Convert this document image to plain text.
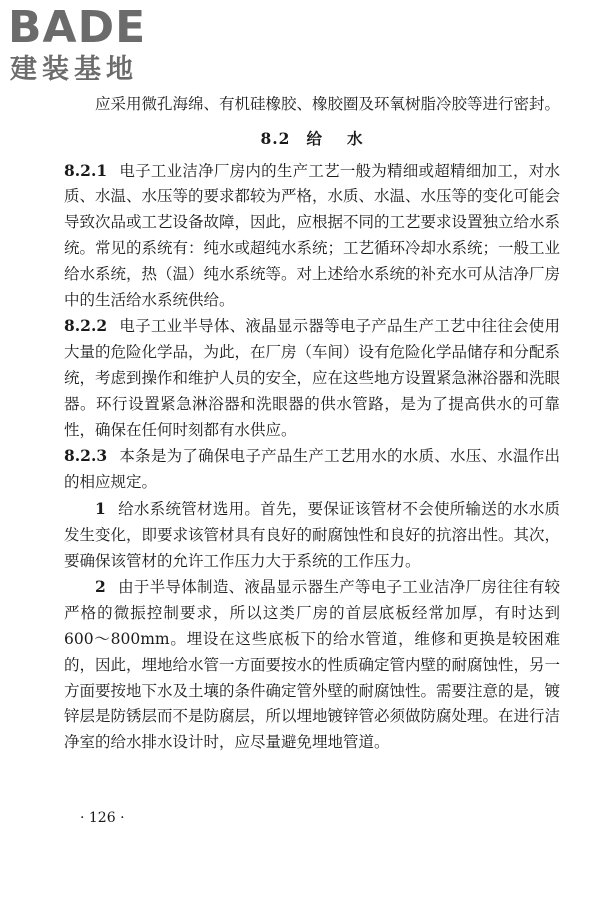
BADE
建装基地

应采用微孔海绵、有机硅橡胶、橡胶圈及环氧树脂冷胶等进行密封。

8.2 给 水

8.2.1 电子工业洁净厂房内的生产工艺一般为精细或超精细加工，对水质、水温、水压等的要求都较为严格，水质、水温、水压等的变化可能会导致次品或工艺设备故障，因此，应根据不同的工艺要求设置独立给水系统。常见的系统有：纯水或超纯水系统；工艺循环冷却水系统；一般工业给水系统，热（温）纯水系统等。对上述给水系统的补充水可从洁净厂房中的生活给水系统供给。

8.2.2 电子工业半导体、液晶显示器等电子产品生产工艺中往往会使用大量的危险化学品，为此，在厂房（车间）设有危险化学品储存和分配系统，考虑到操作和维护人员的安全，应在这些地方设置紧急淋浴器和洗眼器。环行设置紧急淋浴器和洗眼器的供水管路，是为了提高供水的可靠性，确保在任何时刻都有水供应。

8.2.3 本条是为了确保电子产品生产工艺用水的水质、水压、水温作出的相应规定。

1 给水系统管材选用。首先，要保证该管材不会使所输送的水水质发生变化，即要求该管材具有良好的耐腐蚀性和良好的抗溶出性。其次，要确保该管材的允许工作压力大于系统的工作压力。

2 由于半导体制造、液晶显示器生产等电子工业洁净厂房往往有较严格的微振控制要求，所以这类厂房的首层底板经常加厚，有时达到 600～800mm。埋设在这些底板下的给水管道，维修和更换是较困难的，因此，埋地给水管一方面要按水的性质确定管内壁的耐腐蚀性，另一方面要按地下水及土壤的条件确定管外壁的耐腐蚀性。需要注意的是，镀锌层是防锈层而不是防腐层，所以埋地镀锌管必须做防腐处理。在进行洁净室的给水排水设计时，应尽量避免埋地管道。

· 126 ·
